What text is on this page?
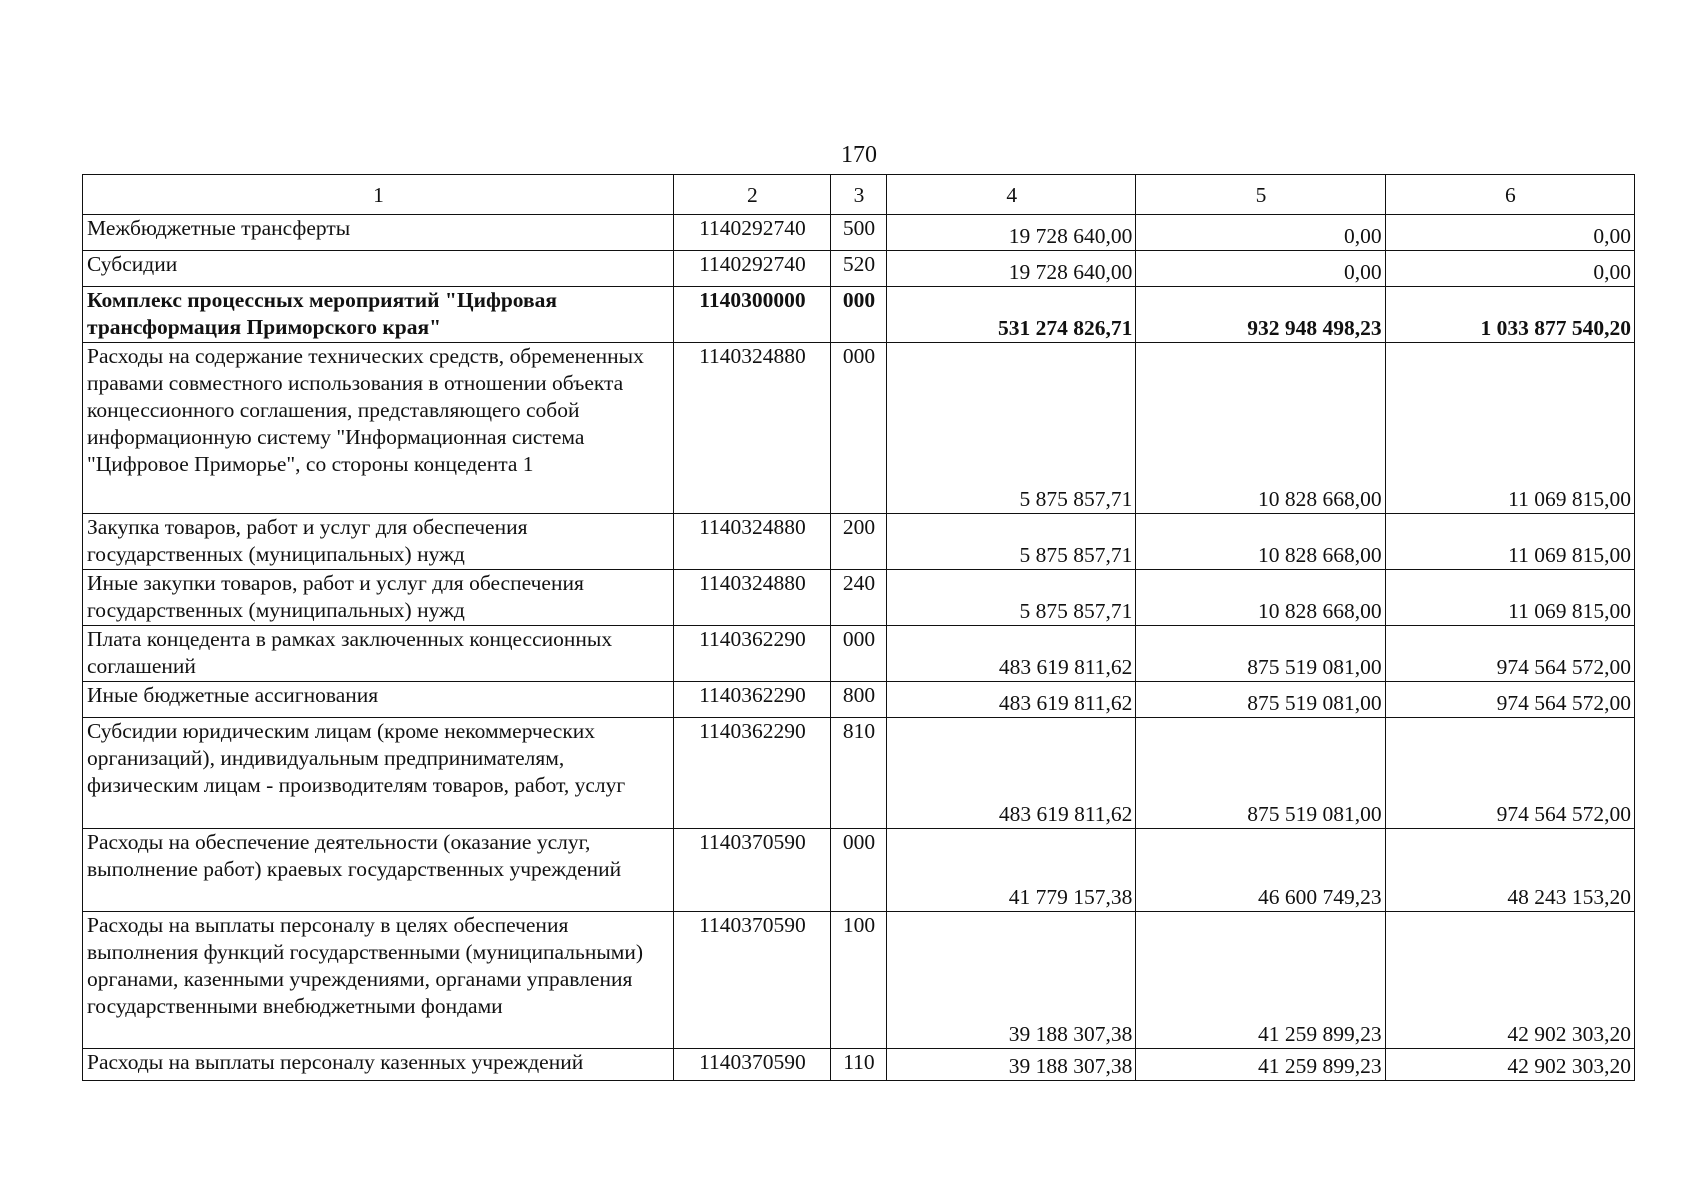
170
1	2	3	4	5	6
Межбюджетные трансферты	1140292740	500	19 728 640,00	0,00	0,00
Субсидии	1140292740	520	19 728 640,00	0,00	0,00
Комплекс процессных мероприятий "Цифровая трансформация Приморского края"	1140300000	000	531 274 826,71	932 948 498,23	1 033 877 540,20
Расходы на содержание технических средств, обремененных правами совместного использования в отношении объекта концессионного соглашения, представляющего собой информационную систему "Информационная система "Цифровое Приморье", со стороны концедента 1	1140324880	000	5 875 857,71	10 828 668,00	11 069 815,00
Закупка товаров, работ и услуг для обеспечения государственных (муниципальных) нужд	1140324880	200	5 875 857,71	10 828 668,00	11 069 815,00
Иные закупки товаров, работ и услуг для обеспечения государственных (муниципальных) нужд	1140324880	240	5 875 857,71	10 828 668,00	11 069 815,00
Плата концедента в рамках заключенных концессионных соглашений	1140362290	000	483 619 811,62	875 519 081,00	974 564 572,00
Иные бюджетные ассигнования	1140362290	800	483 619 811,62	875 519 081,00	974 564 572,00
Субсидии юридическим лицам (кроме некоммерческих организаций), индивидуальным предпринимателям, физическим лицам - производителям товаров, работ, услуг	1140362290	810	483 619 811,62	875 519 081,00	974 564 572,00
Расходы на обеспечение деятельности (оказание услуг, выполнение работ) краевых государственных учреждений	1140370590	000	41 779 157,38	46 600 749,23	48 243 153,20
Расходы на выплаты персоналу в целях обеспечения выполнения функций государственными (муниципальными) органами, казенными учреждениями, органами управления государственными внебюджетными фондами	1140370590	100	39 188 307,38	41 259 899,23	42 902 303,20
Расходы на выплаты персоналу казенных учреждений	1140370590	110	39 188 307,38	41 259 899,23	42 902 303,20
